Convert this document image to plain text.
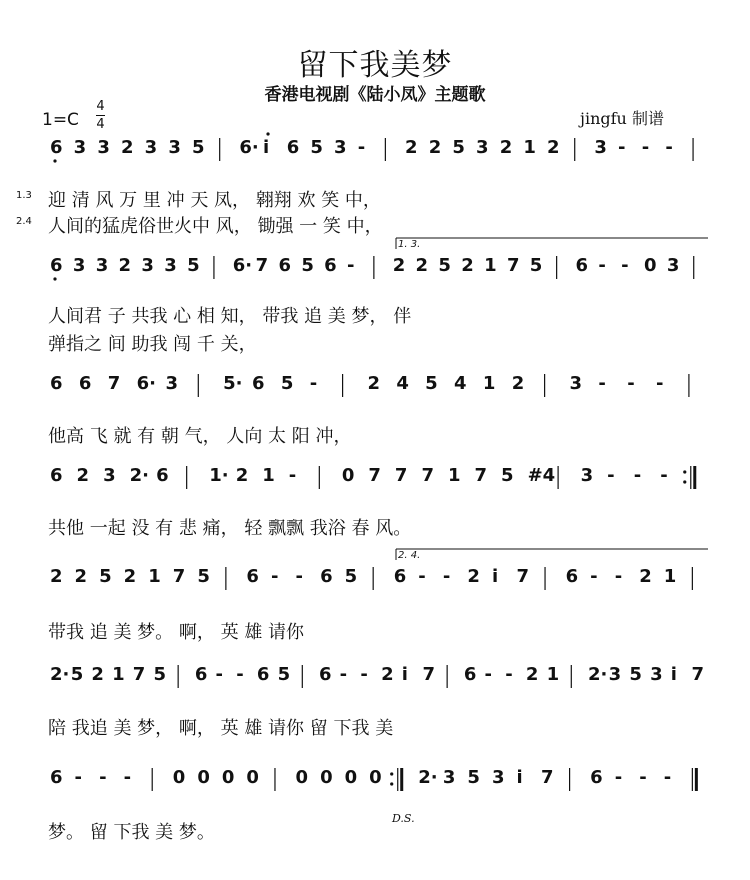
留下我美梦
香港电视剧《陆小凤》主题歌
1=C
4
4	jingfu 制谱
6 3 3 2 3 3 5 6· i 6 5 3 - 2 2 5 3 2 1 2 3 - - -
6 3 3 2 3 3 5 6· 7 6 5 6 - 2 2 5 2 1 7 5 6 - - 0 3
6 6 7 6· 3	5· 6 5 -	2 4 5 4 1 2	3 - - -
6 2 3 2· 6 1· 2 1 -	0 7 7 7 1 7 5 #4 3 - - -
2 2 5 2 1 7 5 6 - - 6 5 6 - - 2 i 7 6 - - 2 1
2· 5 2 1 7 5 6 - - 6 5 6 - - 2 i 7 6 - - 2 1 2· 3 5 3 i 7
6 - - - 0 0 0 0 0 0 0 0 2· 3 5 3 i 7 6 - - -
1.3 迎 清 风 万 里 冲 天 凤， 翱翔 欢 笑 中，
2.4 人间的猛虎俗世火中 风， 锄强 一 笑 中，
1. 3.
人间君 子 共我 心 相 知， 带我 追 美 梦， 伴
弹指之 间 助我 闯 千 关，
他高 飞 就 有 朝 气， 人向 太 阳 冲，
共他 一起 没 有 悲 痛， 轻 飘飘 我浴 春 风。
2. 4.
带我 追 美 梦。 啊， 英 雄 请你
陪 我追 美 梦， 啊， 英 雄 请你 留 下我 美
D.S.
梦。 留 下我 美 梦。
